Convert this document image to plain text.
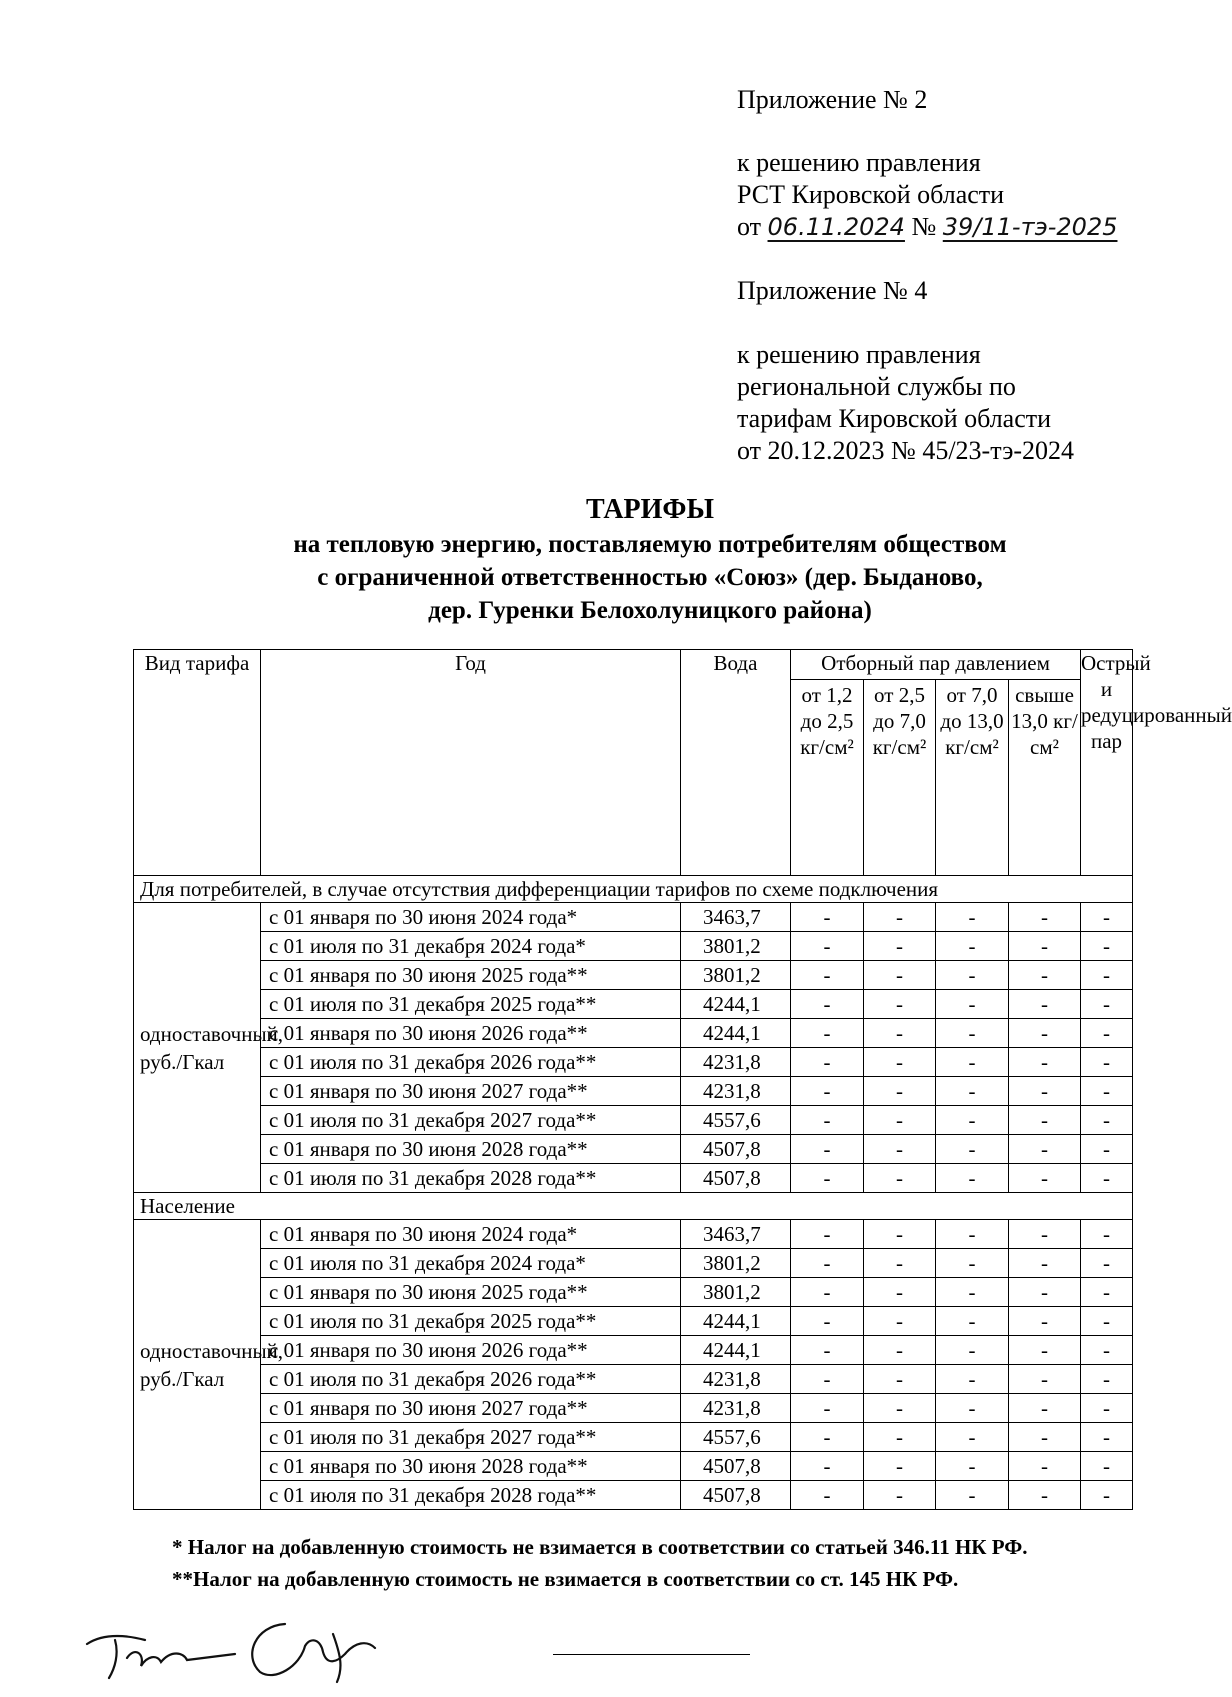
Приложение № 2
к решению правления
РСТ Кировской области
от 06.11.2024 № 39/11-тэ-2025
Приложение № 4
к решению правления
региональной службы по
тарифам Кировской области
от 20.12.2023 № 45/23-тэ-2024
ТАРИФЫ
на тепловую энергию, поставляемую потребителям обществом
с ограниченной ответственностью «Союз» (дер. Быданово,
дер. Гуренки Белохолуницкого района)
Вид тарифа	Год	Вода	Отборный пар давлением				Острый и редуцированный пар
			от 1,2 до 2,5 кг/см²	от 2,5 до 7,0 кг/см²	от 7,0 до 13,0 кг/см²	свыше 13,0 кг/см²	
Для потребителей, в случае отсутствия дифференциации тарифов по схеме подключения							
одноставочный, руб./Гкал	с 01 января по 30 июня 2024 года*	3463,7	-	-	-	-	-
	с 01 июля по 31 декабря 2024 года*	3801,2	-	-	-	-	-
	с 01 января по 30 июня 2025 года**	3801,2	-	-	-	-	-
	с 01 июля по 31 декабря 2025 года**	4244,1	-	-	-	-	-
	с 01 января по 30 июня 2026 года**	4244,1	-	-	-	-	-
	с 01 июля по 31 декабря 2026 года**	4231,8	-	-	-	-	-
	с 01 января по 30 июня 2027 года**	4231,8	-	-	-	-	-
	с 01 июля по 31 декабря 2027 года**	4557,6	-	-	-	-	-
	с 01 января по 30 июня 2028 года**	4507,8	-	-	-	-	-
	с 01 июля по 31 декабря 2028 года**	4507,8	-	-	-	-	-
Население							
одноставочный, руб./Гкал	с 01 января по 30 июня 2024 года*	3463,7	-	-	-	-	-
	с 01 июля по 31 декабря 2024 года*	3801,2	-	-	-	-	-
	с 01 января по 30 июня 2025 года**	3801,2	-	-	-	-	-
	с 01 июля по 31 декабря 2025 года**	4244,1	-	-	-	-	-
	с 01 января по 30 июня 2026 года**	4244,1	-	-	-	-	-
	с 01 июля по 31 декабря 2026 года**	4231,8	-	-	-	-	-
	с 01 января по 30 июня 2027 года**	4231,8	-	-	-	-	-
	с 01 июля по 31 декабря 2027 года**	4557,6	-	-	-	-	-
	с 01 января по 30 июня 2028 года**	4507,8	-	-	-	-	-
	с 01 июля по 31 декабря 2028 года**	4507,8	-	-	-	-	-
* Налог на добавленную стоимость не взимается в соответствии со статьей 346.11 НК РФ.
**Налог на добавленную стоимость не взимается в соответствии со ст. 145 НК РФ.
